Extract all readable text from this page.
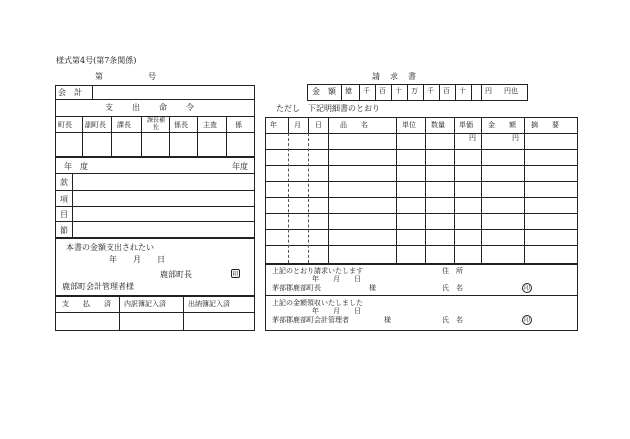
様式第4号(第7条関係)
第	号
会　計
支　　出　　命　　令
町長 副町長 課長
課長補佐	係長 主査	係
年　度	年度
款
項
目
節
本書の金額支出されたい
年　　月　　日
鹿部町長	印
鹿部町会計管理者様
支　　払　　済 内訳簿記入済	出納簿記入済
請　求　書
金　額 億 千 百 十 万 千 百 十	円 円也
ただし　下記明細書のとおり
年 月 日	品　　名	単位 数量 単価 金　　額 摘　　要
円	円
上記のとおり請求いたします
年　　月　　日
茅部郡鹿部町長	様
住　所
氏　名	印
上記の金額領収いたしました
年　　月　　日
茅部郡鹿部町会計管理者	様	氏　名	印
